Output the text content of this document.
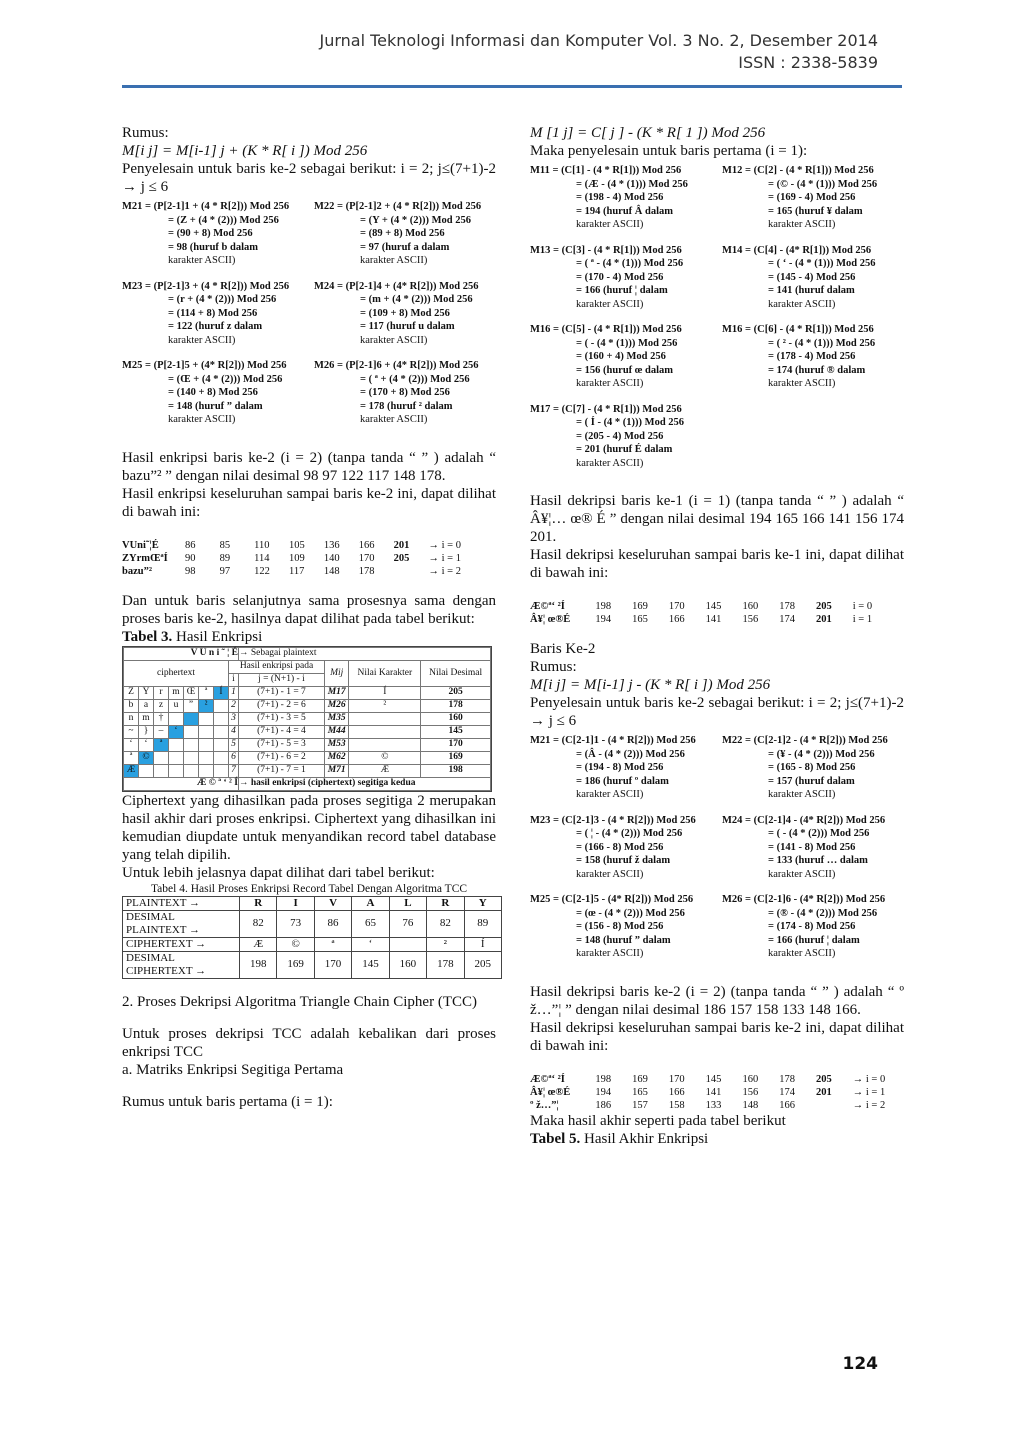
Jurnal Teknologi Informasi dan Komputer Vol. 3 No. 2, Desember 2014
ISSN : 2338-5839

Rumus:

M[i j] = M[i-1] j + (K * R[ i ]) Mod 256

Penyelesain untuk baris ke-2 sebagai berikut: i = 2; j≤(7+1)-2 → j ≤ 6

M21 = (P[2-1]1 + (4 * R[2])) Mod 256
= (Z + (4 * (2))) Mod 256
= (90 + 8) Mod 256
= 98 (huruf b dalam
karakter ASCII)
M22 = (P[2-1]2 + (4 * R[2])) Mod 256
= (Y + (4 * (2))) Mod 256
= (89 + 8) Mod 256
= 97 (huruf a dalam
karakter ASCII)
M23 = (P[2-1]3 + (4 * R[2])) Mod 256
= (r + (4 * (2))) Mod 256
= (114 + 8) Mod 256
= 122 (huruf z dalam
karakter ASCII)
M24 = (P[2-1]4 + (4* R[2])) Mod 256
= (m + (4 * (2))) Mod 256
= (109 + 8) Mod 256
= 117 (huruf u dalam
karakter ASCII)
M25 = (P[2-1]5 + (4* R[2])) Mod 256
= (Œ + (4 * (2))) Mod 256
= (140 + 8) Mod 256
= 148 (huruf ” dalam
karakter ASCII)
M26 = (P[2-1]6 + (4* R[2])) Mod 256
= ( ª + (4 * (2))) Mod 256
= (170 + 8) Mod 256
= 178 (huruf ² dalam
karakter ASCII)

Hasil enkripsi baris ke-2 (i = 2) (tanpa tanda “ ” ) adalah “ bazu”² ” dengan nilai desimal 98 97 122 117 148 178.

Hasil enkripsi keseluruhan sampai baris ke-2 ini, dapat dilihat di bawah ini:

VUni˜¦É	86	85	110	105	136	166	201	→ i = 0
ZYrmŒªÍ	90	89	114	109	140	170	205	→ i = 1
bazu”²	98	97	122	117	148	178		→ i = 2

Dan untuk baris selanjutnya sama prosesnya sama dengan proses baris ke-2, hasilnya dapat dilihat pada tabel berikut:

Tabel 3. Hasil Enkripsi

V U n i ˜ ¦ É								→ Sebagai plaintext			
ciphertext							Hasil enkripsi pada		Mij	Nilai Karakter	Nilai Desimal
							i	j = (N+1) - i			
Z	Y	r	m	Œ	ª	Í	1	(7+1) - 1 = 7	M17	Í	205
b	a	z	u	”	²		2	(7+1) - 2 = 6	M26	²	178
n	m	†					3	(7+1) - 3 = 5	M35		160
~	}	–	‘				4	(7+1) - 4 = 4	M44		145
‘	‘	ª					5	(7+1) - 5 = 3	M53		170
ª	©						6	(7+1) - 6 = 2	M62	©	169
Æ							7	(7+1) - 7 = 1	M71	Æ	198
Æ © ª ‘ ² Í								→ hasil enkripsi (ciphertext) segitiga kedua			

Ciphertext yang dihasilkan pada proses segitiga 2 merupakan hasil akhir dari proses enkripsi. Ciphertext yang dihasilkan ini kemudian diupdate untuk menyandikan record tabel database yang telah dipilih.

Untuk lebih jelasnya dapat dilihat dari tabel berikut:

Tabel 4. Hasil Proses Enkripsi Record Tabel Dengan Algoritma TCC
PLAINTEXT →	R	I	V	A	L	R	Y
DESIMAL PLAINTEXT →	82	73	86	65	76	82	89
CIPHERTEXT →	Æ	©	ª	‘		²	Í
DESIMAL CIPHERTEXT →	198	169	170	145	160	178	205

2. Proses Dekripsi Algoritma Triangle Chain Cipher (TCC)

Untuk proses dekripsi TCC adalah kebalikan dari proses enkripsi TCC

a. Matriks Enkripsi Segitiga Pertama

Rumus untuk baris pertama (i = 1):

M [1 j] = C[ j ] - (K * R[ 1 ]) Mod 256

Maka penyelesain untuk baris pertama (i = 1):

M11 = (C[1] - (4 * R[1])) Mod 256
= (Æ - (4 * (1))) Mod 256
= (198 - 4) Mod 256
= 194 (huruf Â dalam
karakter ASCII)
M12 = (C[2] - (4 * R[1])) Mod 256
= (© - (4 * (1))) Mod 256
= (169 - 4) Mod 256
= 165 (huruf ¥ dalam
karakter ASCII)
M13 = (C[3] - (4 * R[1])) Mod 256
= ( ª - (4 * (1))) Mod 256
= (170 - 4) Mod 256
= 166 (huruf ¦ dalam
karakter ASCII)
M14 = (C[4] - (4* R[1])) Mod 256
= ( ‘ - (4 * (1))) Mod 256
= (145 - 4) Mod 256
= 141 (huruf dalam
karakter ASCII)
M16 = (C[5] - (4 * R[1])) Mod 256
= ( - (4 * (1))) Mod 256
= (160 + 4) Mod 256
= 156 (huruf œ dalam
karakter ASCII)
M16 = (C[6] - (4 * R[1])) Mod 256
= ( ² - (4 * (1))) Mod 256
= (178 - 4) Mod 256
= 174 (huruf ® dalam
karakter ASCII)
M17 = (C[7] - (4 * R[1])) Mod 256
= ( Í - (4 * (1))) Mod 256
= (205 - 4) Mod 256
= 201 (huruf É dalam
karakter ASCII)

Hasil dekripsi baris ke-1 (i = 1) (tanpa tanda “ ” ) adalah “ Â¥¦… œ® É ” dengan nilai desimal 194 165 166 141 156 174 201.

Hasil dekripsi keseluruhan sampai baris ke-1 ini, dapat dilihat di bawah ini:

Æ©ª‘ ²Í	198	169	170	145	160	178	205	i = 0
Â¥¦ œ®É	194	165	166	141	156	174	201	i = 1

Baris Ke-2

Rumus:

M[i j] = M[i-1] j - (K * R[ i ]) Mod 256

Penyelesain untuk baris ke-2 sebagai berikut: i = 2; j≤(7+1)-2 → j ≤ 6

M21 = (C[2-1]1 - (4 * R[2])) Mod 256
= (Â - (4 * (2))) Mod 256
= (194 - 8) Mod 256
= 186 (huruf º dalam
karakter ASCII)
M22 = (C[2-1]2 - (4 * R[2])) Mod 256
= (¥ - (4 * (2))) Mod 256
= (165 - 8) Mod 256
= 157 (huruf dalam
karakter ASCII)
M23 = (C[2-1]3 - (4 * R[2])) Mod 256
= ( ¦ - (4 * (2))) Mod 256
= (166 - 8) Mod 256
= 158 (huruf ž dalam
karakter ASCII)
M24 = (C[2-1]4 - (4* R[2])) Mod 256
= ( - (4 * (2))) Mod 256
= (141 - 8) Mod 256
= 133 (huruf … dalam
karakter ASCII)
M25 = (C[2-1]5 - (4* R[2])) Mod 256
= (œ - (4 * (2))) Mod 256
= (156 - 8) Mod 256
= 148 (huruf ” dalam
karakter ASCII)
M26 = (C[2-1]6 - (4* R[2])) Mod 256
= (® - (4 * (2))) Mod 256
= (174 - 8) Mod 256
= 166 (huruf ¦ dalam
karakter ASCII)

Hasil dekripsi baris ke-2 (i = 2) (tanpa tanda “ ” ) adalah “ º ž…”¦ ” dengan nilai desimal 186 157 158 133 148 166.

Hasil dekripsi keseluruhan sampai baris ke-2 ini, dapat dilihat di bawah ini:

Æ©ª‘ ²Í	198	169	170	145	160	178	205	→ i = 0
Â¥¦ œ®É	194	165	166	141	156	174	201	→ i = 1
º ž…”¦	186	157	158	133	148	166		→ i = 2

Maka hasil akhir seperti pada tabel berikut

Tabel 5. Hasil Akhir Enkripsi

124
